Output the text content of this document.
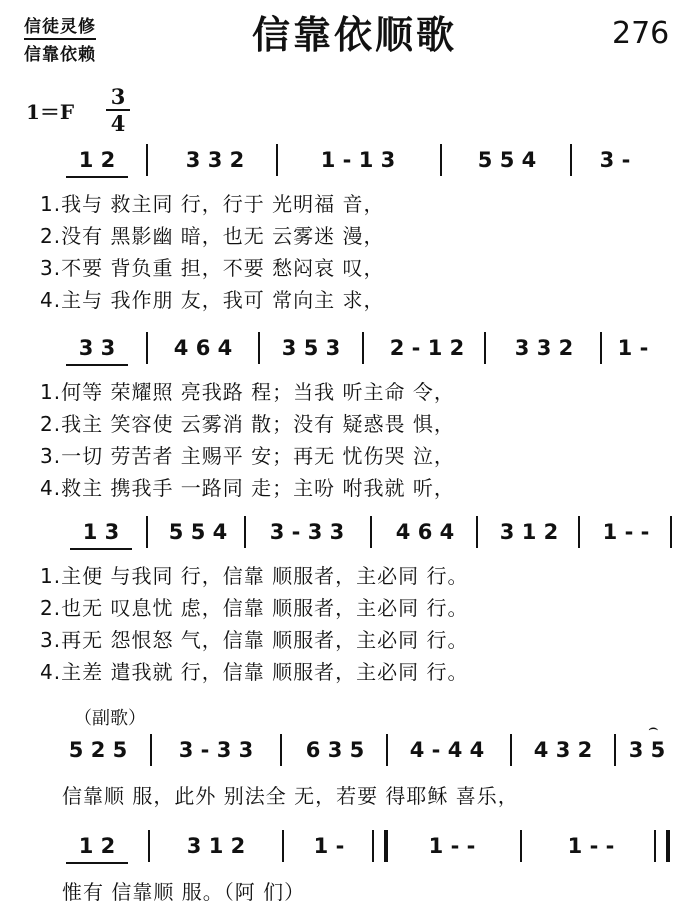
信徒灵修
信靠依赖	信靠依顺歌	276
1＝F
3
4
1 2	3 3 2	1 - 1 3	5 5 4	3 -
1.我与 救主同 行，行于 光明福 音，
2.没有 黑影幽 暗，也无 云雾迷 漫，
3.不要 背负重 担，不要 愁闷哀 叹，
4.主与 我作朋 友，我可 常向主 求，
3 3	4 6 4	3 5 3	2 - 1 2	3 3 2	1 -
1.何等 荣耀照 亮我路 程；当我 听主命 令，
2.我主 笑容使 云雾消 散；没有 疑惑畏 惧，
3.一切 劳苦者 主赐平 安；再无 忧伤哭 泣，
4.救主 携我手 一路同 走；主吩 咐我就 听，
1 3	5 5 4	3 - 3 3	4 6 4	3 1 2	1 - -
1.主便 与我同 行，信靠 顺服者，主必同 行。
2.也无 叹息忧 虑，信靠 顺服者，主必同 行。
3.再无 怨恨怒 气，信靠 顺服者，主必同 行。
4.主差 遣我就 行，信靠 顺服者，主必同 行。
（副歌）	⌢
5 2 5	3 - 3 3	6 3 5	4 - 4 4	4 3 2	3 5
信靠顺 服，此外 别法全 无，若要 得耶稣 喜乐，
1 2	3 1 2	1 -	1 - -	1 - -
惟有 信靠顺 服。（阿 们）
